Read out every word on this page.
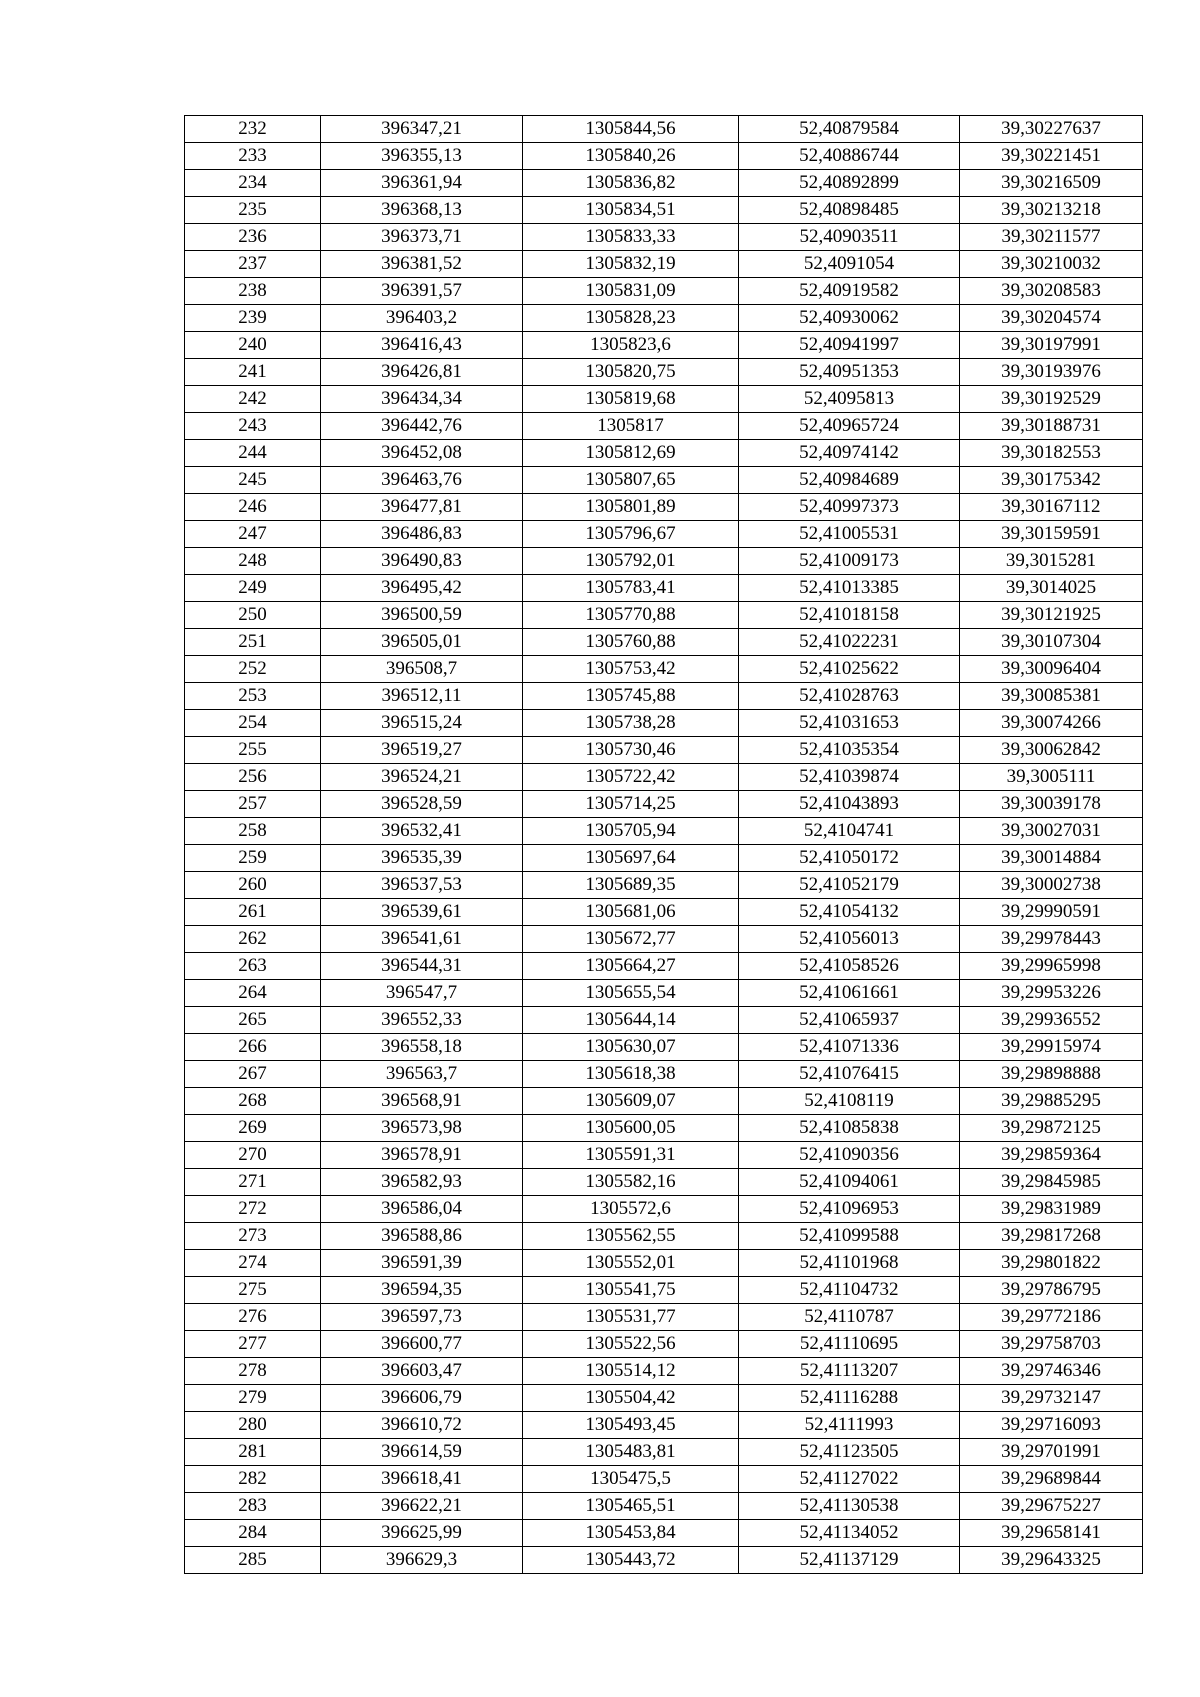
232	396347,21	1305844,56	52,40879584	39,30227637
233	396355,13	1305840,26	52,40886744	39,30221451
234	396361,94	1305836,82	52,40892899	39,30216509
235	396368,13	1305834,51	52,40898485	39,30213218
236	396373,71	1305833,33	52,40903511	39,30211577
237	396381,52	1305832,19	52,4091054	39,30210032
238	396391,57	1305831,09	52,40919582	39,30208583
239	396403,2	1305828,23	52,40930062	39,30204574
240	396416,43	1305823,6	52,40941997	39,30197991
241	396426,81	1305820,75	52,40951353	39,30193976
242	396434,34	1305819,68	52,4095813	39,30192529
243	396442,76	1305817	52,40965724	39,30188731
244	396452,08	1305812,69	52,40974142	39,30182553
245	396463,76	1305807,65	52,40984689	39,30175342
246	396477,81	1305801,89	52,40997373	39,30167112
247	396486,83	1305796,67	52,41005531	39,30159591
248	396490,83	1305792,01	52,41009173	39,3015281
249	396495,42	1305783,41	52,41013385	39,3014025
250	396500,59	1305770,88	52,41018158	39,30121925
251	396505,01	1305760,88	52,41022231	39,30107304
252	396508,7	1305753,42	52,41025622	39,30096404
253	396512,11	1305745,88	52,41028763	39,30085381
254	396515,24	1305738,28	52,41031653	39,30074266
255	396519,27	1305730,46	52,41035354	39,30062842
256	396524,21	1305722,42	52,41039874	39,3005111
257	396528,59	1305714,25	52,41043893	39,30039178
258	396532,41	1305705,94	52,4104741	39,30027031
259	396535,39	1305697,64	52,41050172	39,30014884
260	396537,53	1305689,35	52,41052179	39,30002738
261	396539,61	1305681,06	52,41054132	39,29990591
262	396541,61	1305672,77	52,41056013	39,29978443
263	396544,31	1305664,27	52,41058526	39,29965998
264	396547,7	1305655,54	52,41061661	39,29953226
265	396552,33	1305644,14	52,41065937	39,29936552
266	396558,18	1305630,07	52,41071336	39,29915974
267	396563,7	1305618,38	52,41076415	39,29898888
268	396568,91	1305609,07	52,4108119	39,29885295
269	396573,98	1305600,05	52,41085838	39,29872125
270	396578,91	1305591,31	52,41090356	39,29859364
271	396582,93	1305582,16	52,41094061	39,29845985
272	396586,04	1305572,6	52,41096953	39,29831989
273	396588,86	1305562,55	52,41099588	39,29817268
274	396591,39	1305552,01	52,41101968	39,29801822
275	396594,35	1305541,75	52,41104732	39,29786795
276	396597,73	1305531,77	52,4110787	39,29772186
277	396600,77	1305522,56	52,41110695	39,29758703
278	396603,47	1305514,12	52,41113207	39,29746346
279	396606,79	1305504,42	52,41116288	39,29732147
280	396610,72	1305493,45	52,4111993	39,29716093
281	396614,59	1305483,81	52,41123505	39,29701991
282	396618,41	1305475,5	52,41127022	39,29689844
283	396622,21	1305465,51	52,41130538	39,29675227
284	396625,99	1305453,84	52,41134052	39,29658141
285	396629,3	1305443,72	52,41137129	39,29643325
